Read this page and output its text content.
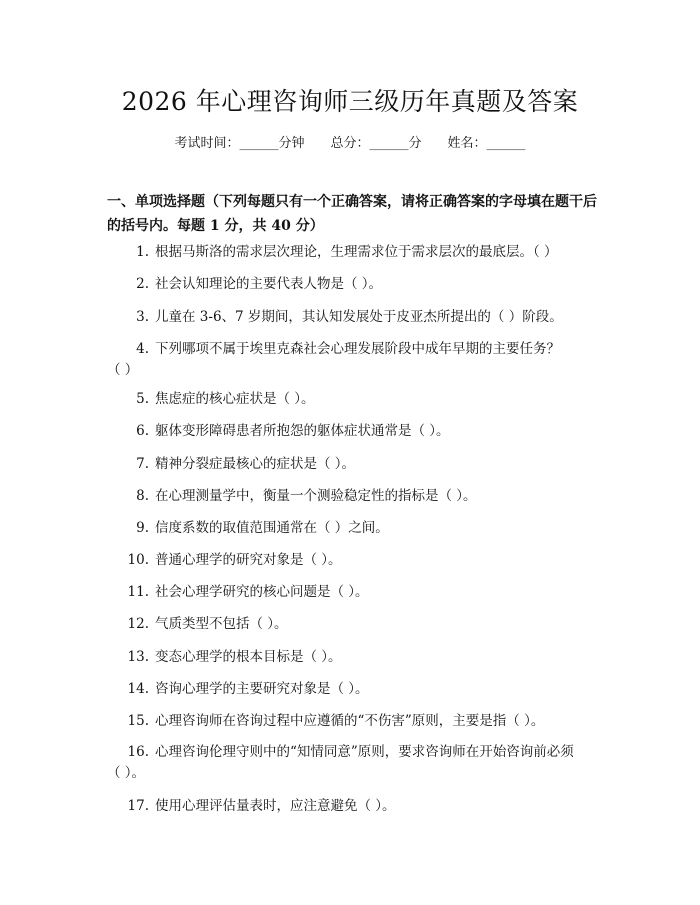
2026 年心理咨询师三级历年真题及答案
考试时间：______分钟 总分：______分 姓名：______
一、单项选择题（下列每题只有一个正确答案，请将正确答案的字母填在题干后的括号内。每题 1 分，共 40 分）
1. 根据马斯洛的需求层次理论，生理需求位于需求层次的最底层。（ ）
2. 社会认知理论的主要代表人物是（ ）。
3. 儿童在 3-6、7 岁期间，其认知发展处于皮亚杰所提出的（ ）阶段。
4. 下列哪项不属于埃里克森社会心理发展阶段中成年早期的主要任务？
（ ）
5. 焦虑症的核心症状是（ ）。
6. 躯体变形障碍患者所抱怨的躯体症状通常是（ ）。
7. 精神分裂症最核心的症状是（ ）。
8. 在心理测量学中，衡量一个测验稳定性的指标是（ ）。
9. 信度系数的取值范围通常在（ ）之间。
10. 普通心理学的研究对象是（ ）。
11. 社会心理学研究的核心问题是（ ）。
12. 气质类型不包括（ ）。
13. 变态心理学的根本目标是（ ）。
14. 咨询心理学的主要研究对象是（ ）。
15. 心理咨询师在咨询过程中应遵循的“不伤害”原则，主要是指（ ）。
16. 心理咨询伦理守则中的“知情同意”原则，要求咨询师在开始咨询前必须
（ ）。
17. 使用心理评估量表时，应注意避免（ ）。
